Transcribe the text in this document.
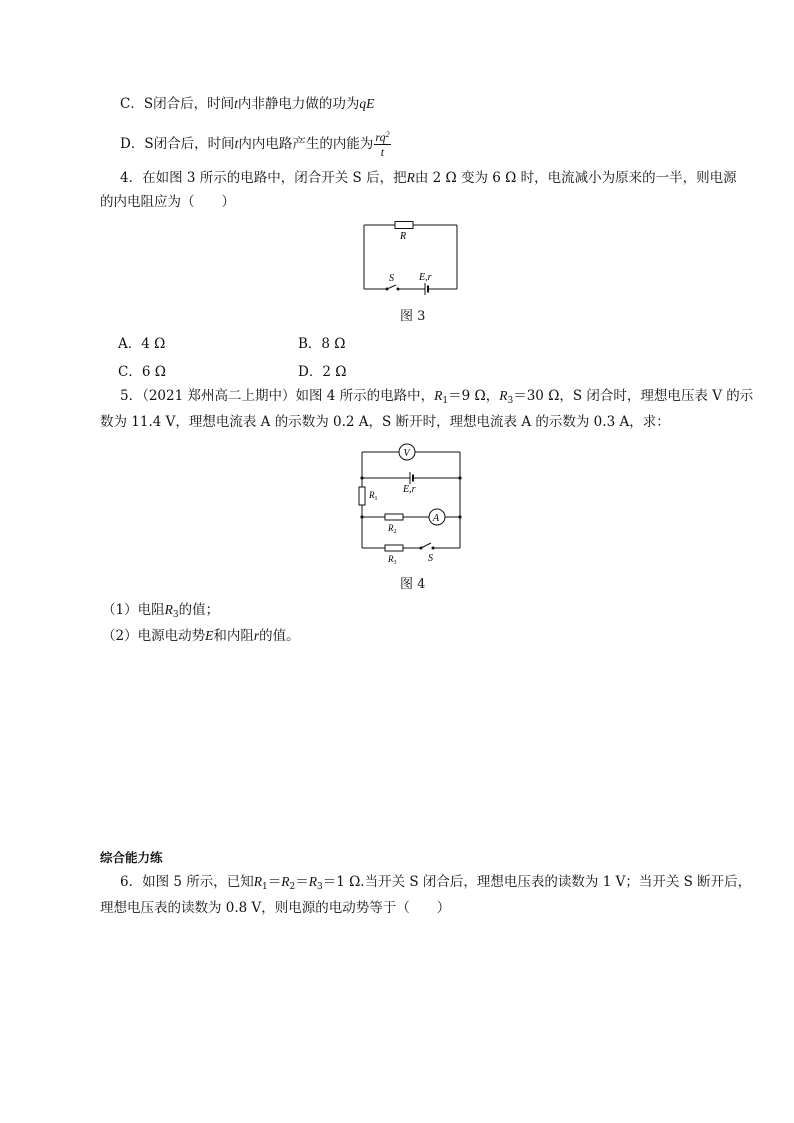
C．S闭合后，时间t内非静电力做的功为qE
D．S闭合后，时间t内内电路产生的内能为 $\frac{rq^2}{t}$
4．在如图 3 所示的电路中，闭合开关 S 后，把R由 2 Ω 变为 6 Ω 时，电流减小为原来的一半，则电源
的内电阻应为（　　）
R
S	E,r
图 3
A．4 Ω	B．8 Ω
C．6 Ω	D．2 Ω
5．（2021 郑州高二上期中）如图 4 所示的电路中，$R_1=9$ Ω，$R_3=30$ Ω，S 闭合时，理想电压表 V 的示
数为 11.4 V，理想电流表 A 的示数为 0.2 A，S 断开时，理想电流表 A 的示数为 0.3 A，求：
V
A
E,r
$R_1$
$R_2$
$R_3$	S
图 4
（1）电阻$R_3$的值；
（2）电源电动势E和内阻r的值。
综合能力练
6．如图 5 所示，已知$R_1=R_2=R_3=1$ Ω.当开关 S 闭合后，理想电压表的读数为 1 V；当开关 S 断开后，
理想电压表的读数为 0.8 V，则电源的电动势等于（　　）
